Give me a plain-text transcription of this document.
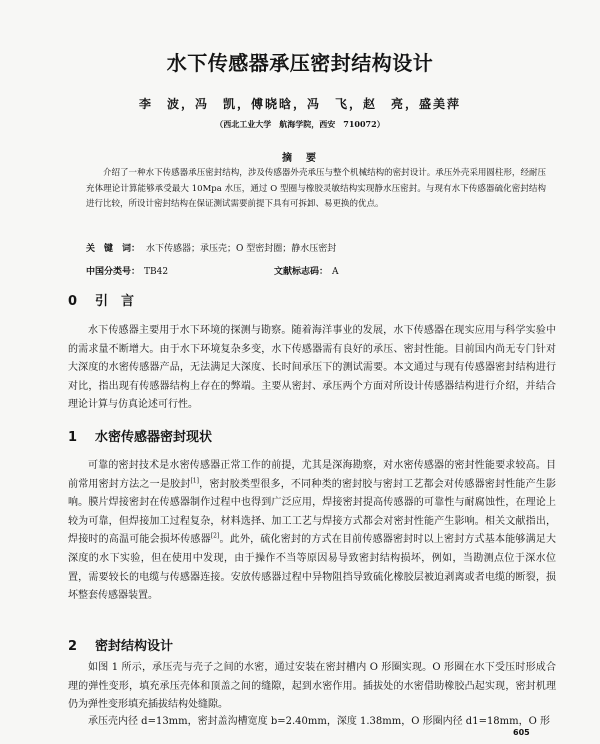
水下传感器承压密封结构设计
李　波，冯　凯，傅晓晗，冯　飞，赵　亮，盛美萍
（西北工业大学　航海学院，西安　710072）
摘　要
介绍了一种水下传感器承压密封结构，涉及传感器外壳承压与整个机械结构的密封设计。承压外壳采用圆柱形，经耐压充体理论计算能够承受最大 10Mpa 水压，通过 O 型圈与橡胶灵敏结构实现静水压密封。与现有水下传感器硫化密封结构进行比较，所设计密封结构在保证测试需要前提下具有可拆卸、易更换的优点。
关　键　词： 水下传感器；承压壳；O 型密封圈；静水压密封
中国分类号： TB42	文献标志码： A
0 引　言
水下传感器主要用于水下环境的探测与勘察。随着海洋事业的发展，水下传感器在现实应用与科学实验中的需求量不断增大。由于水下环境复杂多变，水下传感器需有良好的承压、密封性能。目前国内尚无专门针对大深度的水密传感器产品，无法满足大深度、长时间承压下的测试需要。本文通过与现有传感器密封结构进行对比，指出现有传感器结构上存在的弊端。主要从密封、承压两个方面对所设计传感器结构进行介绍，并结合理论计算与仿真论述可行性。
1 水密传感器密封现状
可靠的密封技术是水密传感器正常工作的前提，尤其是深海勘察，对水密传感器的密封性能要求较高。目前常用密封方法之一是胶封[1]，密封胶类型很多，不同种类的密封胶与密封工艺都会对传感器密封性能产生影响。膜片焊接密封在传感器制作过程中也得到广泛应用，焊接密封提高传感器的可靠性与耐腐蚀性，在理论上较为可靠，但焊接加工过程复杂，材料选择、加工工艺与焊接方式都会对密封性能产生影响。相关文献指出，焊接时的高温可能会损坏传感器[2]。此外，硫化密封的方式在目前传感器密封时以上密封方式基本能够满足大深度的水下实验，但在使用中发现，由于操作不当等原因易导致密封结构损坏，例如，当勘测点位于深水位置，需要较长的电缆与传感器连接。安放传感器过程中异物阻挡导致硫化橡胶层被迫剥离或者电缆的断裂，损坏整套传感器装置。
2 密封结构设计
如图 1 所示，承压壳与壳子之间的水密，通过安装在密封槽内 O 形圈实现。O 形圈在水下受压时形成合理的弹性变形，填充承压壳体和顶盖之间的缝隙，起到水密作用。插拔处的水密借助橡胶凸起实现，密封机理仍为弹性变形填充插拔结构处缝隙。
承压壳内径 d=13mm，密封盖沟槽宽度 b=2.40mm，深度 1.38mm，O 形圈内径 d1=18mm，O 形
605
